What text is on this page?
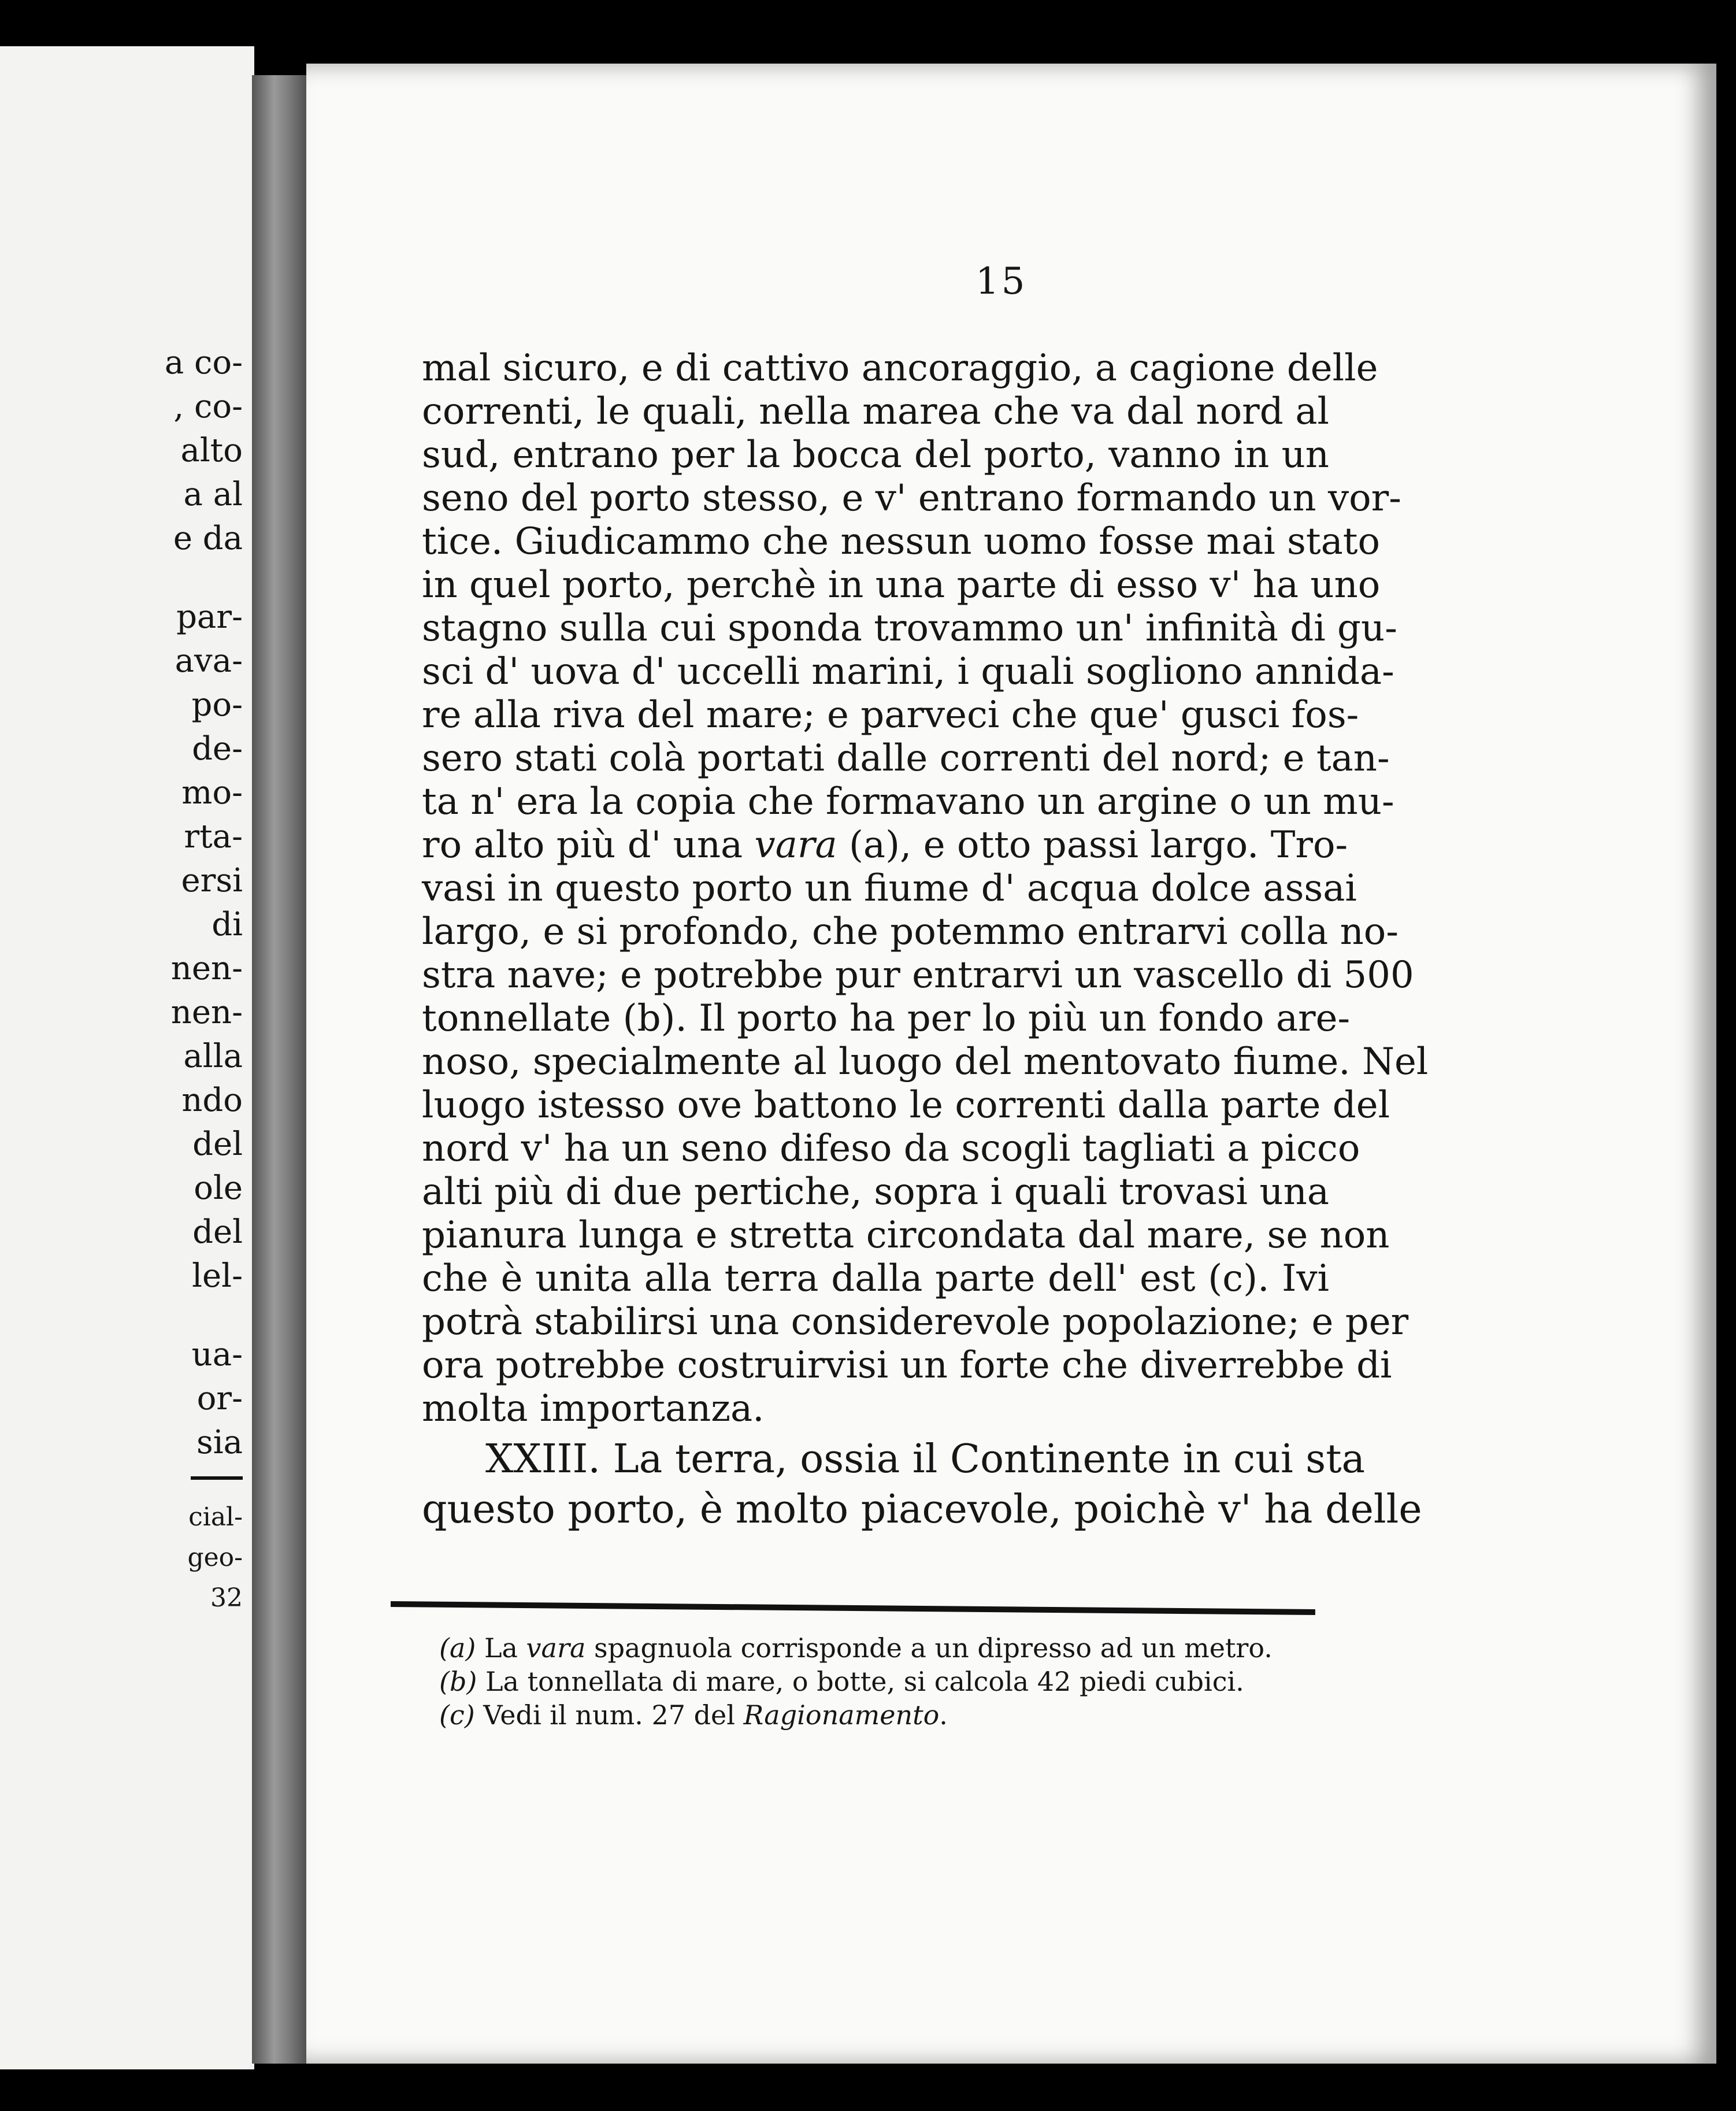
a co-
, co-
alto
a al
e da
par-
ava-
po-
de-
mo-
rta-
ersi
di
nen-
nen-
alla
ndo
del
ole
del
lel-
ua-
or-
sia
cial-
geo-
32
15
mal sicuro, e di cattivo ancoraggio, a cagione delle
correnti, le quali, nella marea che va dal nord al
sud, entrano per la bocca del porto, vanno in un
seno del porto stesso, e v' entrano formando un vor-
tice. Giudicammo che nessun uomo fosse mai stato
in quel porto, perchè in una parte di esso v' ha uno
stagno sulla cui sponda trovammo un' infinità di gu-
sci d' uova d' uccelli marini, i quali sogliono annida-
re alla riva del mare; e parveci che que' gusci fos-
sero stati colà portati dalle correnti del nord; e tan-
ta n' era la copia che formavano un argine o un mu-
ro alto più d' una vara (a), e otto passi largo. Tro-
vasi in questo porto un fiume d' acqua dolce assai
largo, e si profondo, che potemmo entrarvi colla no-
stra nave; e potrebbe pur entrarvi un vascello di 500
tonnellate (b). Il porto ha per lo più un fondo are-
noso, specialmente al luogo del mentovato fiume. Nel
luogo istesso ove battono le correnti dalla parte del
nord v' ha un seno difeso da scogli tagliati a picco
alti più di due pertiche, sopra i quali trovasi una
pianura lunga e stretta circondata dal mare, se non
che è unita alla terra dalla parte dell' est (c). Ivi
potrà stabilirsi una considerevole popolazione; e per
ora potrebbe costruirvisi un forte che diverrebbe di
molta importanza.
XXIII. La terra, ossia il Continente in cui sta
questo porto, è molto piacevole, poichè v' ha delle
(a) La vara spagnuola corrisponde a un dipresso ad un metro.
(b) La tonnellata di mare, o botte, si calcola 42 piedi cubici.
(c) Vedi il num. 27 del Ragionamento.
